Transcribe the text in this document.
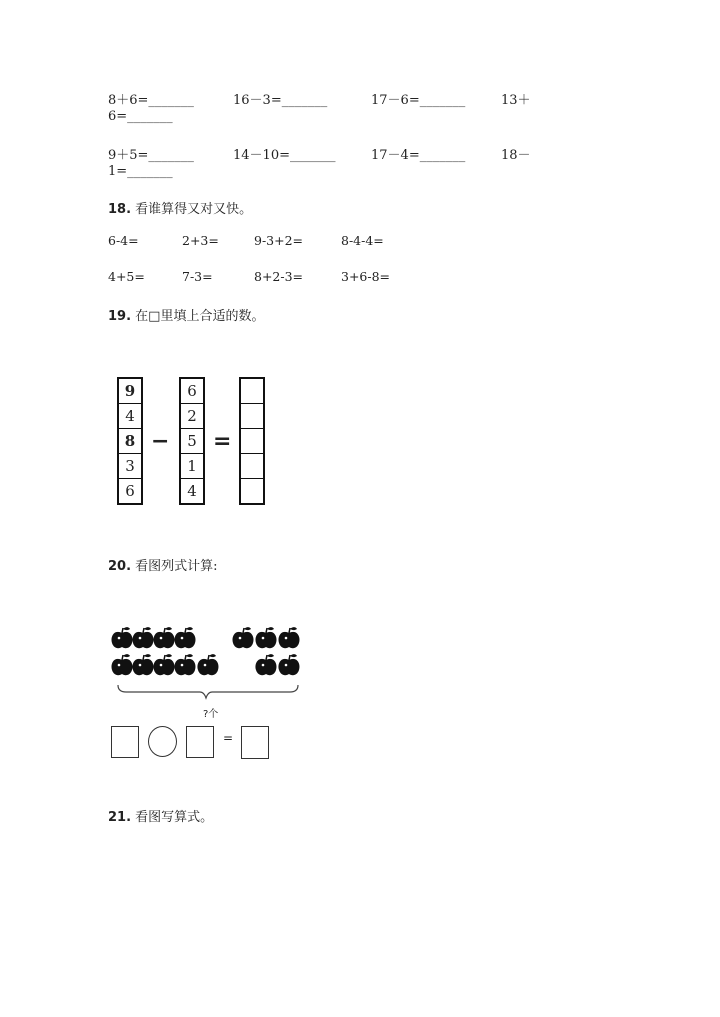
8＋6=_______	16－3=_______	17－6=_______	13＋
6=_______
9＋5=_______	14－10=_______	17－4=_______	18－
1=_______
18. 看谁算得又对又快。
6-4=	2+3=	9-3+2=	8-4-4=
4+5=	7-3=	8+2-3=	3+6-8=
19. 在□里填上合适的数。
9
4
8
3
6
−
6
2
5
1
4
=
20. 看图列式计算:
?个
=
21. 看图写算式。
